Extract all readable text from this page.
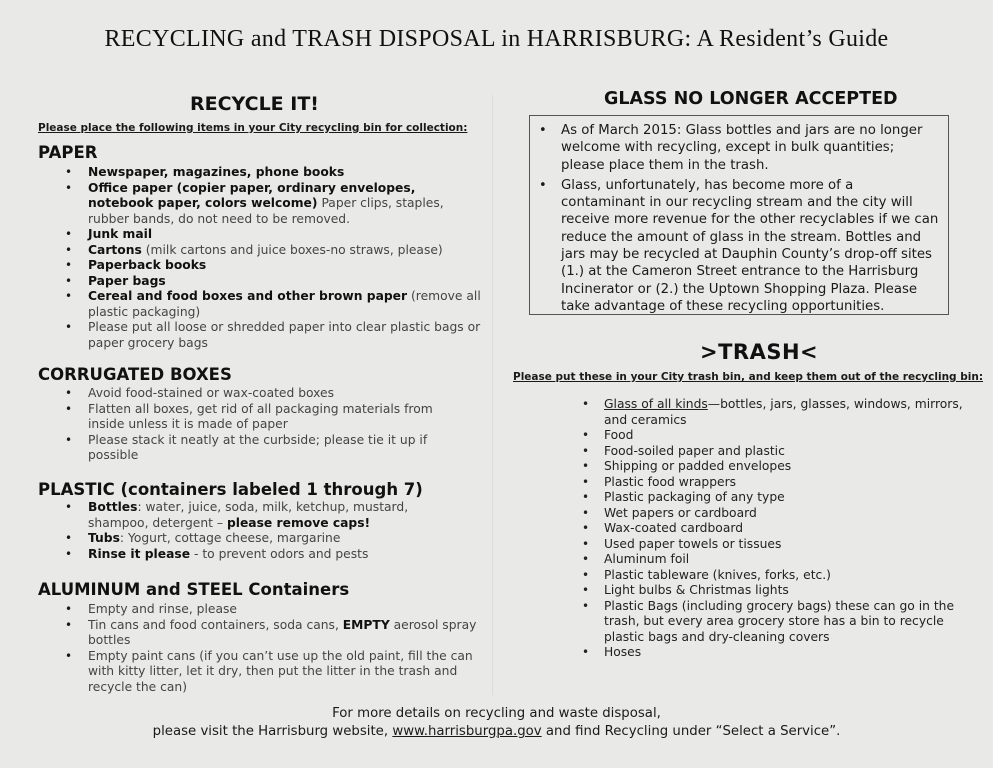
RECYCLING and TRASH DISPOSAL in HARRISBURG: A Resident’s Guide
RECYCLE IT!
Please place the following items in your City recycling bin for collection:
PAPER
• Newspaper, magazines, phone books
• Office paper (copier paper, ordinary envelopes, notebook paper, colors welcome) Paper clips, staples, rubber bands, do not need to be removed.
• Junk mail
• Cartons (milk cartons and juice boxes-no straws, please)
• Paperback books
• Paper bags
• Cereal and food boxes and other brown paper (remove all plastic packaging)
• Please put all loose or shredded paper into clear plastic bags or paper grocery bags
CORRUGATED BOXES
• Avoid food-stained or wax-coated boxes
• Flatten all boxes, get rid of all packaging materials from inside unless it is made of paper
• Please stack it neatly at the curbside; please tie it up if possible
PLASTIC (containers labeled 1 through 7)
• Bottles: water, juice, soda, milk, ketchup, mustard, shampoo, detergent – please remove caps!
• Tubs: Yogurt, cottage cheese, margarine
• Rinse it please - to prevent odors and pests
ALUMINUM and STEEL Containers
• Empty and rinse, please
• Tin cans and food containers, soda cans, EMPTY aerosol spray bottles
• Empty paint cans (if you can’t use up the old paint, fill the can with kitty litter, let it dry, then put the litter in the trash and recycle the can)
GLASS NO LONGER ACCEPTED
• As of March 2015: Glass bottles and jars are no longer welcome with recycling, except in bulk quantities; please place them in the trash.
• Glass, unfortunately, has become more of a contaminant in our recycling stream and the city will receive more revenue for the other recyclables if we can reduce the amount of glass in the stream. Bottles and jars may be recycled at Dauphin County’s drop-off sites (1.) at the Cameron Street entrance to the Harrisburg Incinerator or (2.) the Uptown Shopping Plaza. Please take advantage of these recycling opportunities.
>TRASH<
Please put these in your City trash bin, and keep them out of the recycling bin:
• Glass of all kinds—bottles, jars, glasses, windows, mirrors, and ceramics
• Food
• Food-soiled paper and plastic
• Shipping or padded envelopes
• Plastic food wrappers
• Plastic packaging of any type
• Wet papers or cardboard
• Wax-coated cardboard
• Used paper towels or tissues
• Aluminum foil
• Plastic tableware (knives, forks, etc.)
• Light bulbs & Christmas lights
• Plastic Bags (including grocery bags) these can go in the trash, but every area grocery store has a bin to recycle plastic bags and dry-cleaning covers
• Hoses
For more details on recycling and waste disposal,
please visit the Harrisburg website, www.harrisburgpa.gov and find Recycling under “Select a Service”.
